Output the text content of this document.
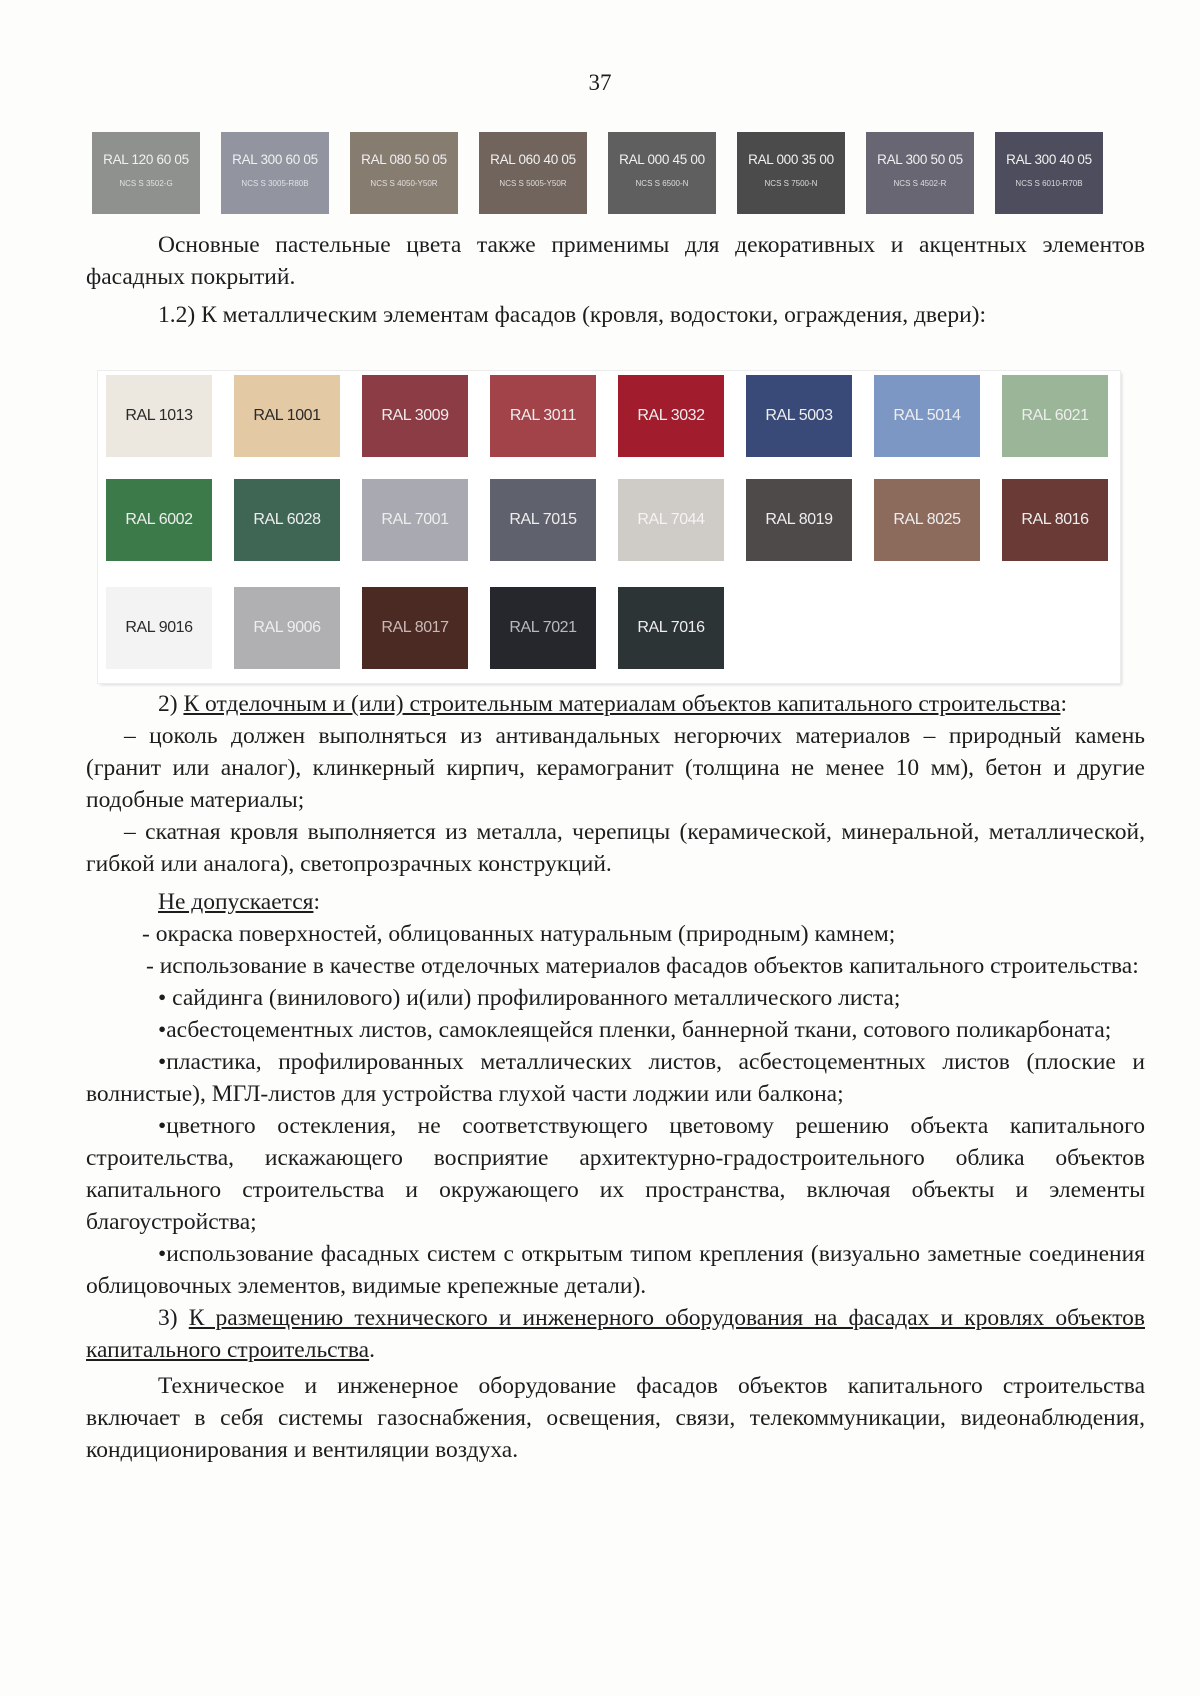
37
RAL 120 60 05
NCS S 3502-G
RAL 300 60 05
NCS S 3005-R80B
RAL 080 50 05
NCS S 4050-Y50R
RAL 060 40 05
NCS S 5005-Y50R
RAL 000 45 00
NCS S 6500-N
RAL 000 35 00
NCS S 7500-N
RAL 300 50 05
NCS S 4502-R
RAL 300 40 05
NCS S 6010-R70B

Основные пастельные цвета также применимы для декоративных и акцентных элементов фасадных покрытий.

1.2) К металлическим элементам фасадов (кровля, водостоки, ограждения, двери):

RAL 1013	RAL 1001	RAL 3009	RAL 3011	RAL 3032	RAL 5003	RAL 5014	RAL 6021
RAL 6002	RAL 6028	RAL 7001	RAL 7015	RAL 7044	RAL 8019	RAL 8025	RAL 8016
RAL 9016	RAL 9006	RAL 8017	RAL 7021	RAL 7016

2) К отделочным и (или) строительным материалам объектов капитального строительства:

– цоколь должен выполняться из антивандальных негорючих материалов – природный камень (гранит или аналог), клинкерный кирпич, керамогранит (толщина не менее 10 мм), бетон и другие подобные материалы;

– скатная кровля выполняется из металла, черепицы (керамической, минеральной, металлической, гибкой или аналога), светопрозрачных конструкций.

Не допускается:

- окраска поверхностей, облицованных натуральным (природным) камнем;

- использование в качестве отделочных материалов фасадов объектов капитального строительства:

• сайдинга (винилового) и(или) профилированного металлического листа;

•асбестоцементных листов, самоклеящейся пленки, баннерной ткани, сотового поликарбоната;

•пластика, профилированных металлических листов, асбестоцементных листов (плоские и волнистые), МГЛ-листов для устройства глухой части лоджии или балкона;

•цветного остекления, не соответствующего цветовому решению объекта капитального строительства, искажающего восприятие архитектурно-градостроительного облика объектов капитального строительства и окружающего их пространства, включая объекты и элементы благоустройства;

•использование фасадных систем с открытым типом крепления (визуально заметные соединения облицовочных элементов, видимые крепежные детали).

3) К размещению технического и инженерного оборудования на фасадах и кровлях объектов капитального строительства.

Техническое и инженерное оборудование фасадов объектов капитального строительства включает в себя системы газоснабжения, освещения, связи, телекоммуникации, видеонаблюдения, кондиционирования и вентиляции воздуха.
